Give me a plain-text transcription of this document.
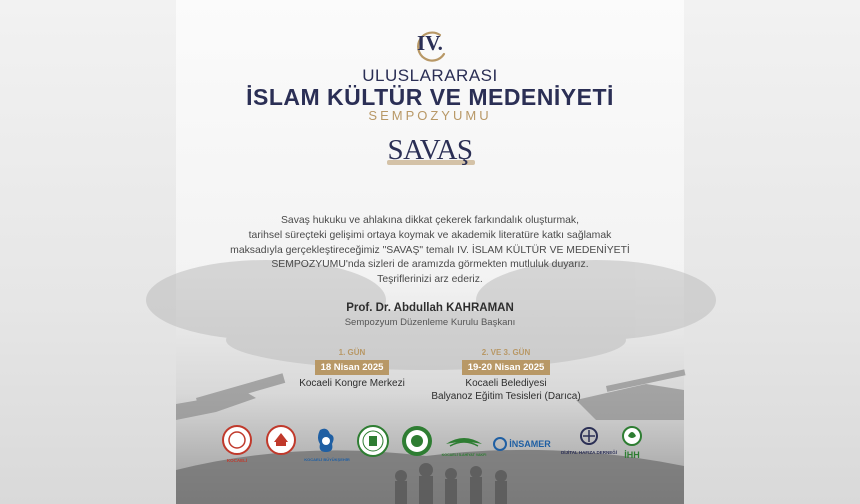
IV.
ULUSLARARASI
İSLAM KÜLTÜR VE MEDENİYETİ
SEMPOZYUMU
SAVAŞ
Savaş hukuku ve ahlakına dikkat çekerek farkındalık oluşturmak,
tarihsel süreçteki gelişimi ortaya koymak ve akademik literatüre katkı sağlamak
maksadıyla gerçekleştireceğimiz "SAVAŞ" temalı IV. İSLAM KÜLTÜR VE MEDENİYETİ
SEMPOZYUMU'nda sizleri de aramızda görmekten mutluluk duyarız.
Teşriflerinizi arz ederiz.
Prof. Dr. Abdullah KAHRAMAN
Sempozyum Düzenleme Kurulu Başkanı
1. GÜN
18 Nisan 2025
Kocaeli Kongre Merkezi
2. VE 3. GÜN
19-20 Nisan 2025
Kocaeli Belediyesi
Balyanoz Eğitim Tesisleri (Darıca)
KOCAELİ	KOCAELİ BÜYÜKŞEHİR
KOCAELİ İLAHİYAT VAKFI
İNSAMER
DİJİTAL HAFIZA DERNEĞİ İHH
